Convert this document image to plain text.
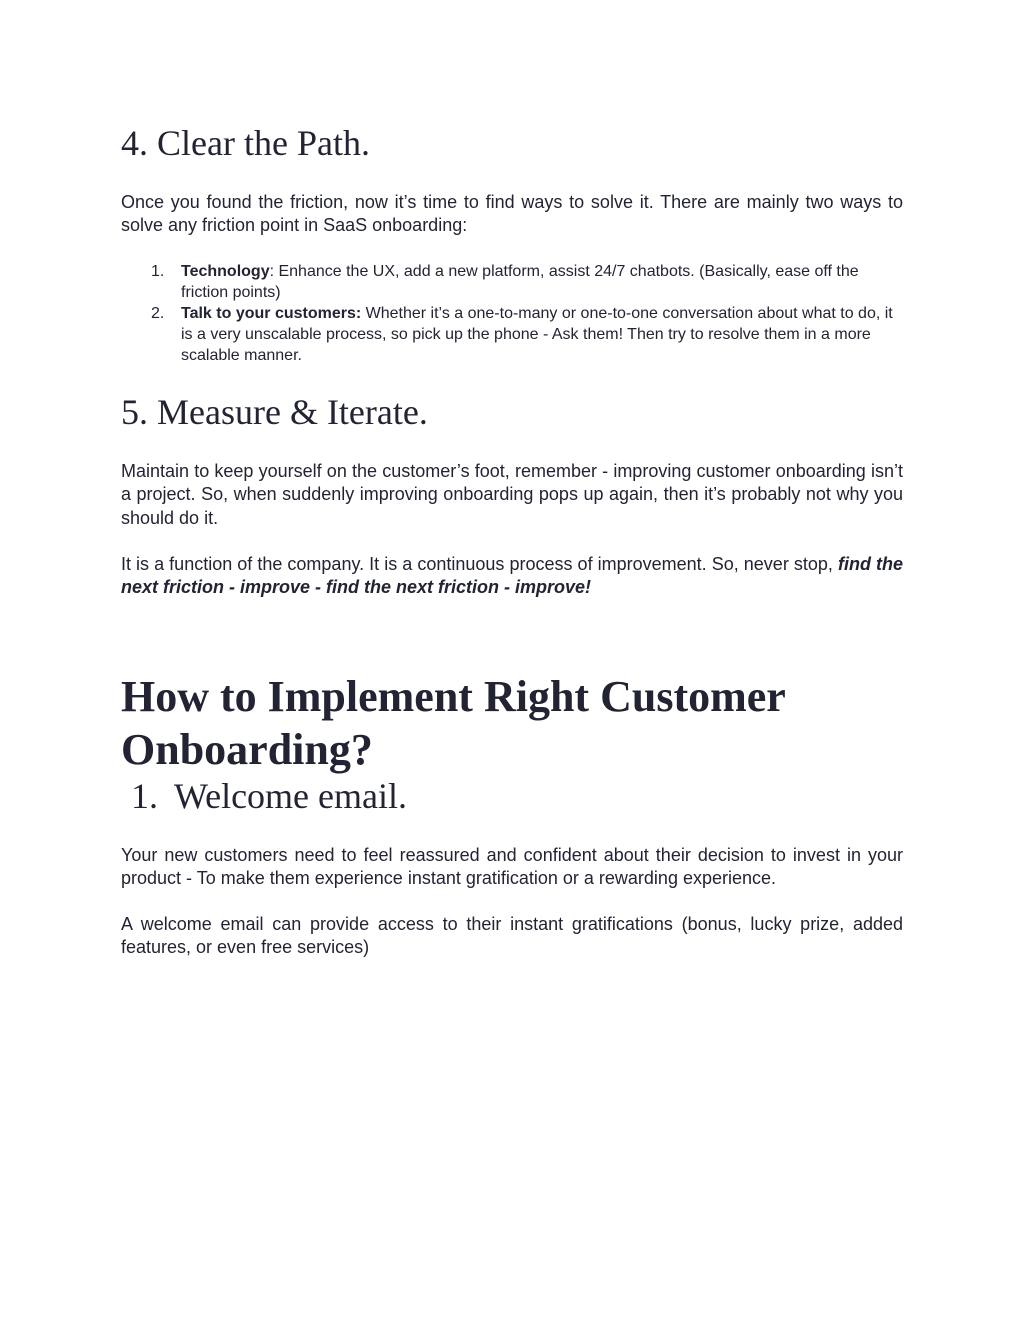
4. Clear the Path.

Once you found the friction, now it’s time to find ways to solve it. There are mainly two ways to solve any friction point in SaaS onboarding:

1. Technology: Enhance the UX, add a new platform, assist 24/7 chatbots. (Basically, ease off the friction points)
2. Talk to your customers: Whether it’s a one-to-many or one-to-one conversation about what to do, it is a very unscalable process, so pick up the phone - Ask them! Then try to resolve them in a more scalable manner.
5. Measure & Iterate.

Maintain to keep yourself on the customer’s foot, remember - improving customer onboarding isn’t a project. So, when suddenly improving onboarding pops up again, then it’s probably not why you should do it.

It is a function of the company. It is a continuous process of improvement. So, never stop, find the next friction - improve - find the next friction - improve!

How to Implement Right Customer Onboarding?
1. Welcome email.

Your new customers need to feel reassured and confident about their decision to invest in your product - To make them experience instant gratification or a rewarding experience.

A welcome email can provide access to their instant gratifications (bonus, lucky prize, added features, or even free services)
